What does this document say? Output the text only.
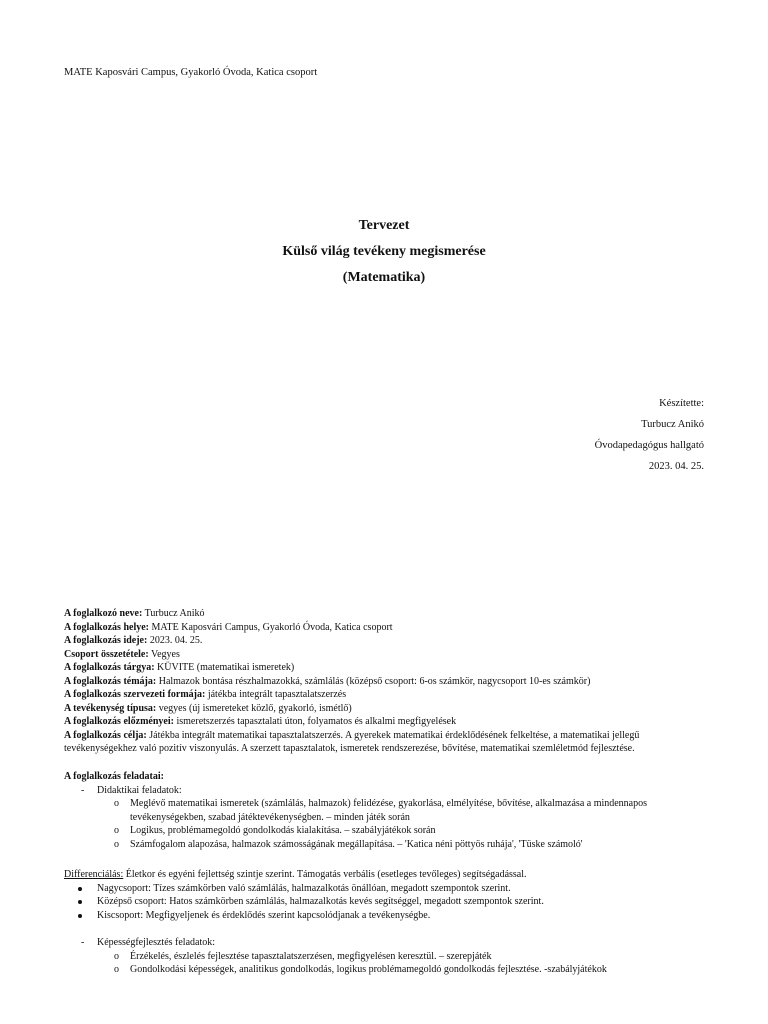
MATE Kaposvári Campus, Gyakorló Óvoda, Katica csoport
Tervezet
Külső világ tevékeny megismerése
(Matematika)
Készítette:
Turbucz Anikó
Óvodapedagógus hallgató
2023. 04. 25.
A foglalkozó neve: Turbucz Anikó
A foglalkozás helye: MATE Kaposvári Campus, Gyakorló Óvoda, Katica csoport
A foglalkozás ideje: 2023. 04. 25.
Csoport összetétele: Vegyes
A foglalkozás tárgya: KÜVITE (matematikai ismeretek)
A foglalkozás témája: Halmazok bontása részhalmazokká, számlálás (középső csoport: 6-os számkör, nagycsoport 10-es számkör)
A foglalkozás szervezeti formája: játékba integrált tapasztalatszerzés
A tevékenység típusa: vegyes (új ismereteket közlő, gyakorló, ismétlő)
A foglalkozás előzményei: ismeretszerzés tapasztalati úton, folyamatos és alkalmi megfigyelések
A foglalkozás célja: Játékba integrált matematikai tapasztalatszerzés. A gyerekek matematikai érdeklődésének felkeltése, a matematikai jellegű tevékenységekhez való pozitív viszonyulás. A szerzett tapasztalatok, ismeretek rendszerezése, bővítése, matematikai szemléletmód fejlesztése.
A foglalkozás feladatai:
- Didaktikai feladatok:
o Meglévő matematikai ismeretek (számlálás, halmazok) felidézése, gyakorlása, elmélyítése, bővítése, alkalmazása a mindennapos tevékenységekben, szabad játéktevékenységben. – minden játék során
o Logikus, problémamegoldó gondolkodás kialakítása. – szabályjátékok során
o Számfogalom alapozása, halmazok számosságának megállapítása. – 'Katica néni pöttyös ruhája', 'Tüske számoló'
Differenciálás: Életkor és egyéni fejlettség szintje szerint. Támogatás verbális (esetleges tevőleges) segítségadással.
Nagycsoport: Tízes számkörben való számlálás, halmazalkotás önállóan, megadott szempontok szerint.
Középső csoport: Hatos számkörben számlálás, halmazalkotás kevés segítséggel, megadott szempontok szerint.
Kiscsoport: Megfigyeljenek és érdeklődés szerint kapcsolódjanak a tevékenységbe.
- Képességfejlesztés feladatok:
o Érzékelés, észlelés fejlesztése tapasztalatszerzésen, megfigyelésen keresztül. – szerepjáték
o Gondolkodási képességek, analitikus gondolkodás, logikus problémamegoldó gondolkodás fejlesztése. -szabályjátékok
